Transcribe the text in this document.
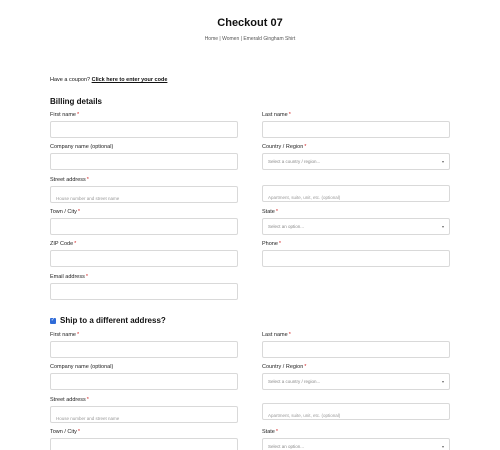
Checkout 07
Home | Women | Emerald Gingham Shirt
Have a coupon? Click here to enter your code
Billing details
First name*	Last name*
Company name (optional)	Country / Region*
Select a country / region...	▾
Street address*
House number and street name
Apartment, suite, unit, etc. (optional)
Town / City*	State*
Select an option...	▾
ZIP Code*	Phone*
Email address*
✓ Ship to a different address?
First name*	Last name*
Company name (optional)	Country / Region*
Select a country / region...	▾
Street address*
House number and street name
Apartment, suite, unit, etc. (optional)
Town / City*	State*
Select an option...	▾
